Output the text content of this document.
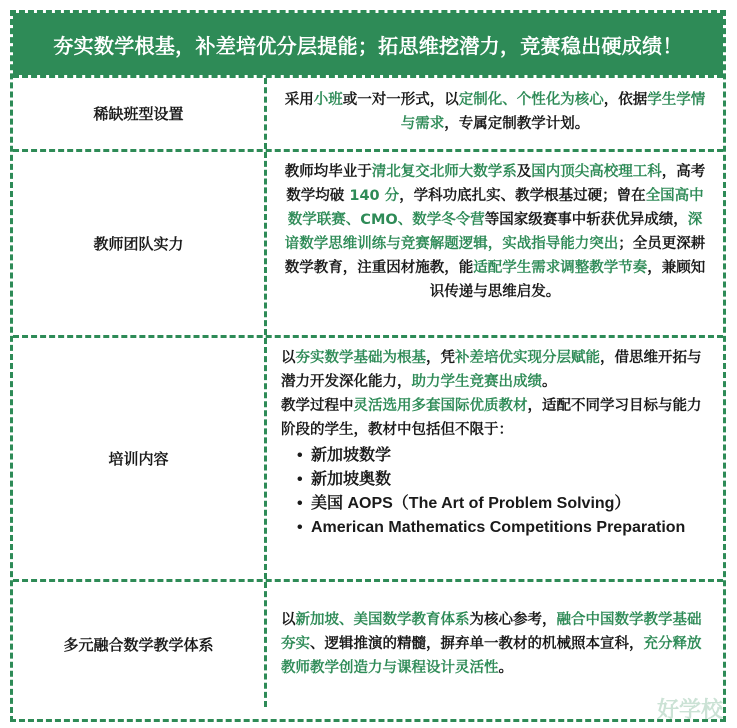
夯实数学根基，补差培优分层提能；拓思维挖潜力，竞赛稳出硬成绩！
稀缺班型设置
采用小班或一对一形式，以定制化、个性化为核心，依据学生学情与需求，专属定制教学计划。
教师团队实力
教师均毕业于清北复交北师大数学系及国内顶尖高校理工科，高考数学均破 140 分，学科功底扎实、教学根基过硬；曾在全国高中数学联赛、CMO、数学冬令营等国家级赛事中斩获优异成绩，深谙数学思维训练与竞赛解题逻辑，实战指导能力突出；全员更深耕数学教育，注重因材施教，能适配学生需求调整教学节奏，兼顾知识传递与思维启发。
培训内容

以夯实数学基础为根基，凭补差培优实现分层赋能，借思维开拓与潜力开发深化能力，助力学生竞赛出成绩。

教学过程中灵活选用多套国际优质教材，适配不同学习目标与能力阶段的学生，教材中包括但不限于：

• 新加坡数学
• 新加坡奥数
• 美国 AOPS（The Art of Problem Solving）
• American Mathematics Competitions Preparation
多元融合数学教学体系
以新加坡、美国数学教育体系为核心参考，融合中国数学教学基础夯实、逻辑推演的精髓，摒弃单一教材的机械照本宣科，充分释放教师教学创造力与课程设计灵活性。
好学校
